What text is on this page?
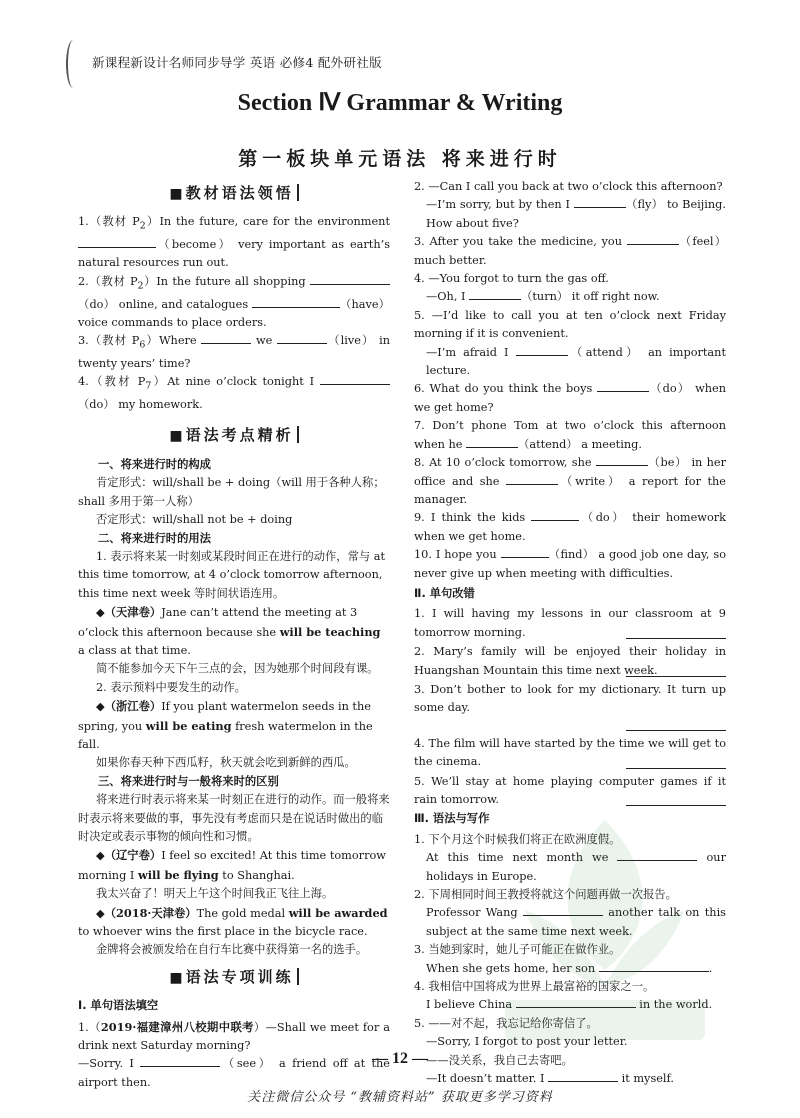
新课程新设计名师同步导学 英语 必修4 配外研社版
Section Ⅳ Grammar & Writing
第一板块单元语法 将来进行时
■教材语法领悟

1.（教材 $P_2)In$ the future, care for the environment （become） very important as earth’s natural resources run out.

2.（教材 $P_2)In$ the future all shopping （do） online, and catalogues	（have） voice commands to place orders.

3.（教材 $P_6)Where$	we	（live） in twenty years’ time?

4.（教材 $P_7)At$ nine o’clock tonight I （do） my homework.

■语法考点精析
一、将来进行时的构成

肯定形式：will/shall be + doing（will 用于各种人称；shall 多用于第一人称）

否定形式：will/shall not be + doing

二、将来进行时的用法

1. 表示将来某一时刻或某段时间正在进行的动作，常与 at this time tomorrow, at 4 o’clock tomorrow afternoon, this time next week 等时间状语连用。

◆（天津卷）Jane can’t attend the meeting at 3 o’clock this afternoon because she will be teaching a class at that time.

简不能参加今天下午三点的会，因为她那个时间段有课。

2. 表示预料中要发生的动作。

◆（浙江卷）If you plant watermelon seeds in the spring, you will be eating fresh watermelon in the fall.

如果你春天种下西瓜籽，秋天就会吃到新鲜的西瓜。

三、将来进行时与一般将来时的区别

将来进行时表示将来某一时刻正在进行的动作。而一般将来时表示将来要做的事，事先没有考虑而只是在说话时做出的临时决定或表示事物的倾向性和习惯。

◆（辽宁卷）I feel so excited! At this time tomorrow morning I will be flying to Shanghai.

我太兴奋了！明天上午这个时间我正飞往上海。

◆（2018·天津卷）The gold medal will be awarded to whoever wins the first place in the bicycle race.

金牌将会被颁发给在自行车比赛中获得第一名的选手。

■语法专项训练
Ⅰ. 单句语法填空

1.（2019·福建漳州八校期中联考）—Shall we meet for a drink next Saturday morning?

—Sorry. I	（see） a friend off at the airport then.

2. —Can I call you back at two o’clock this afternoon?

—I’m sorry, but by then I	（fly） to Beijing. How about five?

3. After you take the medicine, you	（feel） much better.

4. —You forgot to turn the gas off.

—Oh, I	（turn） it off right now.

5. —I’d like to call you at ten o’clock next Friday morning if it is convenient.

—I’m afraid I	（attend） an important lecture.

6. What do you think the boys	（do） when we get home?

7. Don’t phone Tom at two o’clock this afternoon when he	（attend） a meeting.

8. At 10 o’clock tomorrow, she	（be） in her office and she	（write） a report for the manager.

9. I think the kids	（do） their homework when we get home.

10. I hope you	（find） a good job one day, so never give up when meeting with difficulties.

Ⅱ. 单句改错

1. I will having my lessons in our classroom at 9 tomorrow morning.

2. Mary’s family will be enjoyed their holiday in Huangshan Mountain this time next week.

3. Don’t bother to look for my dictionary. It turn up some day.

4. The film will have started by the time we will get to the cinema.

5. We’ll stay at home playing computer games if it rain tomorrow.

Ⅲ. 语法与写作

1. 下个月这个时候我们将正在欧洲度假。

At this time next month we	our holidays in Europe.

2. 下周相同时间王教授将就这个问题再做一次报告。

Professor Wang	another talk on this subject at the same time next week.

3. 当她到家时，她儿子可能正在做作业。

When she gets home, her son	.

4. 我相信中国将成为世界上最富裕的国家之一。

I believe China	in the world.

5. ——对不起，我忘记给你寄信了。

—Sorry, I forgot to post your letter.

——没关系，我自己去寄吧。

—It doesn’t matter. I	it myself.

— 12 —
关注微信公众号 “教辅资料站” 获取更多学习资料
